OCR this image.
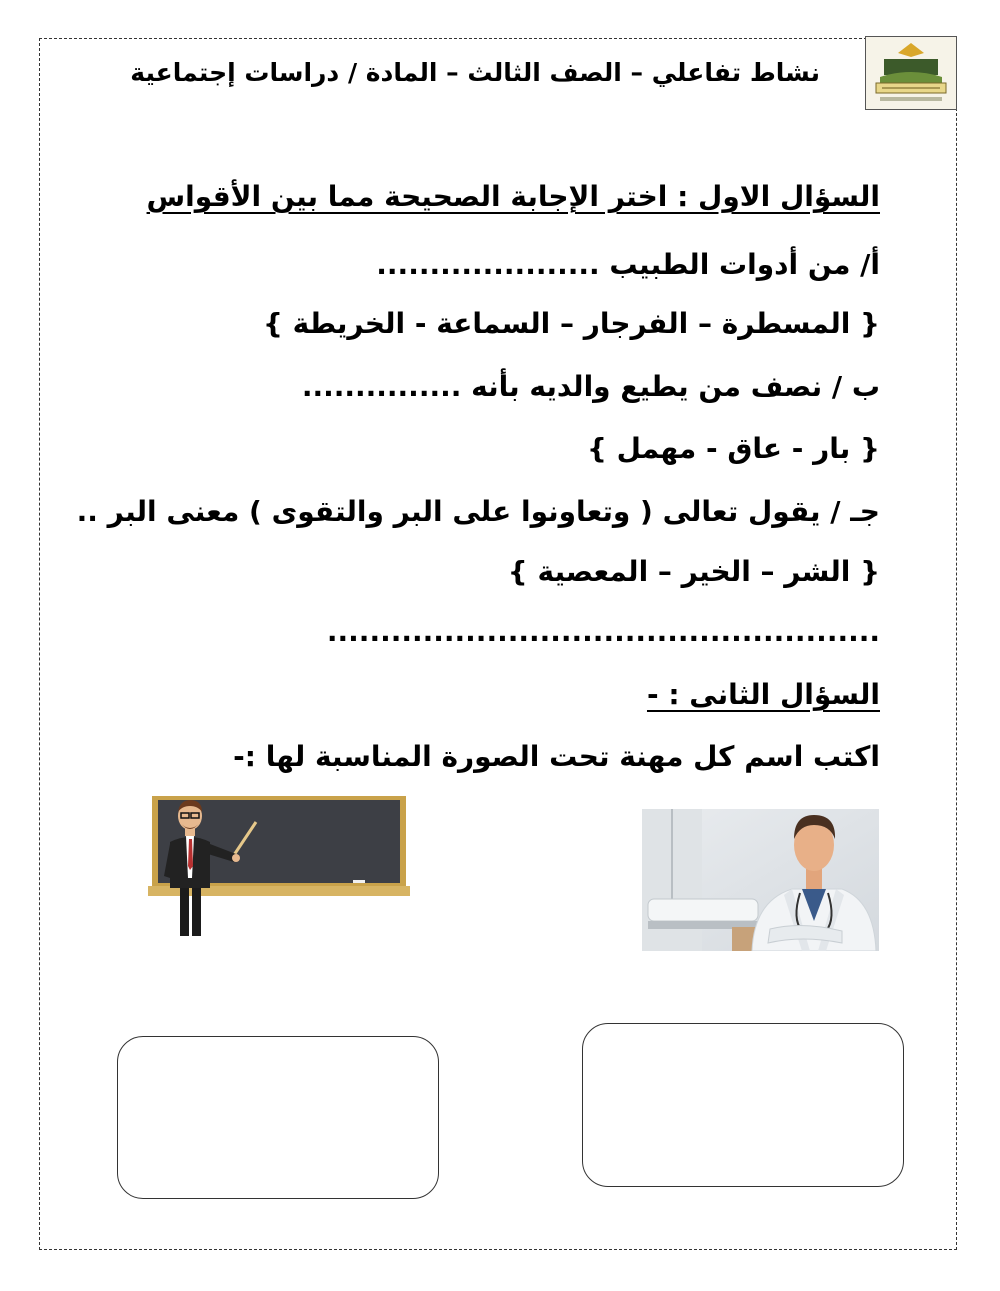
نشاط تفاعلي – الصف الثالث – المادة / دراسات إجتماعية
السؤال الاول : اختر الإجابة الصحيحة مما بين الأقواس
أ/ من أدوات الطبيب .....................
{ المسطرة – الفرجار – السماعة - الخريطة }
ب / نصف من يطيع والديه بأنه ...............
{ بار - عاق - مهمل }
جـ / يقول تعالى ( وتعاونوا على البر والتقوى ) معنى البر ..
{ الشر – الخير – المعصية }
....................................................
السؤال الثانى : -
اكتب اسم كل مهنة تحت الصورة المناسبة لها :-
